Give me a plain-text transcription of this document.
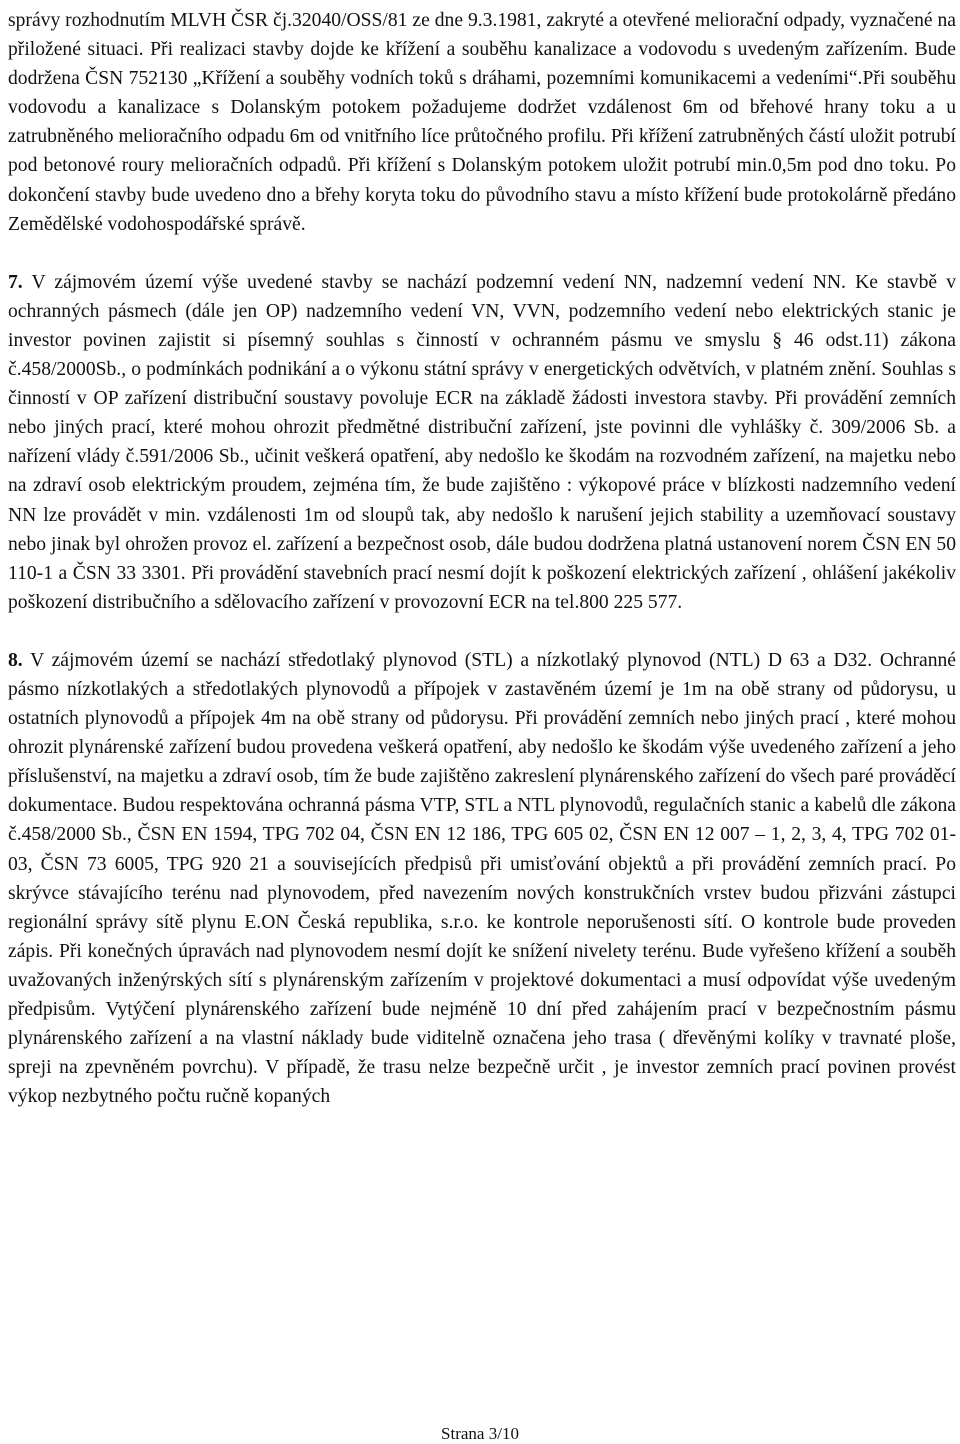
správy rozhodnutím MLVH ČSR čj.32040/OSS/81 ze dne 9.3.1981, zakryté a otevřené meliorační odpady, vyznačené na přiložené situaci. Při realizaci stavby dojde ke křížení a souběhu kanalizace a vodovodu s uvedeným zařízením. Bude dodržena ČSN 752130 „Křížení a souběhy vodních toků s dráhami, pozemními komunikacemi a vedeními“.Při souběhu vodovodu a kanalizace s Dolanským potokem požadujeme dodržet vzdálenost 6m od břehové hrany toku a u zatrubněného melioračního odpadu 6m od vnitřního líce průtočného profilu. Při křížení zatrubněných částí uložit potrubí pod betonové roury melioračních odpadů. Při křížení s Dolanským potokem uložit potrubí min.0,5m pod dno toku. Po dokončení stavby bude uvedeno dno a břehy koryta toku do původního stavu a místo křížení bude protokolárně předáno Zemědělské vodohospodářské správě.

7. V zájmovém území výše uvedené stavby se nachází podzemní vedení NN, nadzemní vedení NN. Ke stavbě v ochranných pásmech (dále jen OP) nadzemního vedení VN, VVN, podzemního vedení nebo elektrických stanic je investor povinen zajistit si písemný souhlas s činností v ochranném pásmu ve smyslu § 46 odst.11) zákona č.458/2000Sb., o podmínkách podnikání a o výkonu státní správy v energetických odvětvích, v platném znění. Souhlas s činností v OP zařízení distribuční soustavy povoluje ECR na základě žádosti investora stavby. Při provádění zemních nebo jiných prací, které mohou ohrozit předmětné distribuční zařízení, jste povinni dle vyhlášky č. 309/2006 Sb. a nařízení vlády č.591/2006 Sb., učinit veškerá opatření, aby nedošlo ke škodám na rozvodném zařízení, na majetku nebo na zdraví osob elektrickým proudem, zejména tím, že bude zajištěno : výkopové práce v blízkosti nadzemního vedení NN lze provádět v min. vzdálenosti 1m od sloupů tak, aby nedošlo k narušení jejich stability a uzemňovací soustavy nebo jinak byl ohrožen provoz el. zařízení a bezpečnost osob, dále budou dodržena platná ustanovení norem ČSN EN 50 110-1 a ČSN 33 3301. Při provádění stavebních prací nesmí dojít k poškození elektrických zařízení , ohlášení jakékoliv poškození distribučního a sdělovacího zařízení v provozovní ECR na tel.800 225 577.

8. V zájmovém území se nachází středotlaký plynovod (STL) a nízkotlaký plynovod (NTL) D 63 a D32. Ochranné pásmo nízkotlakých a středotlakých plynovodů a přípojek v zastavěném území je 1m na obě strany od půdorysu, u ostatních plynovodů a přípojek 4m na obě strany od půdorysu. Při provádění zemních nebo jiných prací , které mohou ohrozit plynárenské zařízení budou provedena veškerá opatření, aby nedošlo ke škodám výše uvedeného zařízení a jeho příslušenství, na majetku a zdraví osob, tím že bude zajištěno zakreslení plynárenského zařízení do všech paré prováděcí dokumentace. Budou respektována ochranná pásma VTP, STL a NTL plynovodů, regulačních stanic a kabelů dle zákona č.458/2000 Sb., ČSN EN 1594, TPG 702 04, ČSN EN 12 186, TPG 605 02, ČSN EN 12 007 – 1, 2, 3, 4, TPG 702 01-03, ČSN 73 6005, TPG 920 21 a souvisejících předpisů při umisťování objektů a při provádění zemních prací. Po skrývce stávajícího terénu nad plynovodem, před navezením nových konstrukčních vrstev budou přizváni zástupci regionální správy sítě plynu E.ON Česká republika, s.r.o. ke kontrole neporušenosti sítí. O kontrole bude proveden zápis. Při konečných úpravách nad plynovodem nesmí dojít ke snížení nivelety terénu. Bude vyřešeno křížení a souběh uvažovaných inženýrských sítí s plynárenským zařízením v projektové dokumentaci a musí odpovídat výše uvedeným předpisům. Vytýčení plynárenského zařízení bude nejméně 10 dní před zahájením prací v bezpečnostním pásmu plynárenského zařízení a na vlastní náklady bude viditelně označena jeho trasa ( dřevěnými kolíky v travnaté ploše, spreji na zpevněném povrchu). V případě, že trasu nelze bezpečně určit , je investor zemních prací povinen provést výkop nezbytného počtu ručně kopaných

Strana 3/10
